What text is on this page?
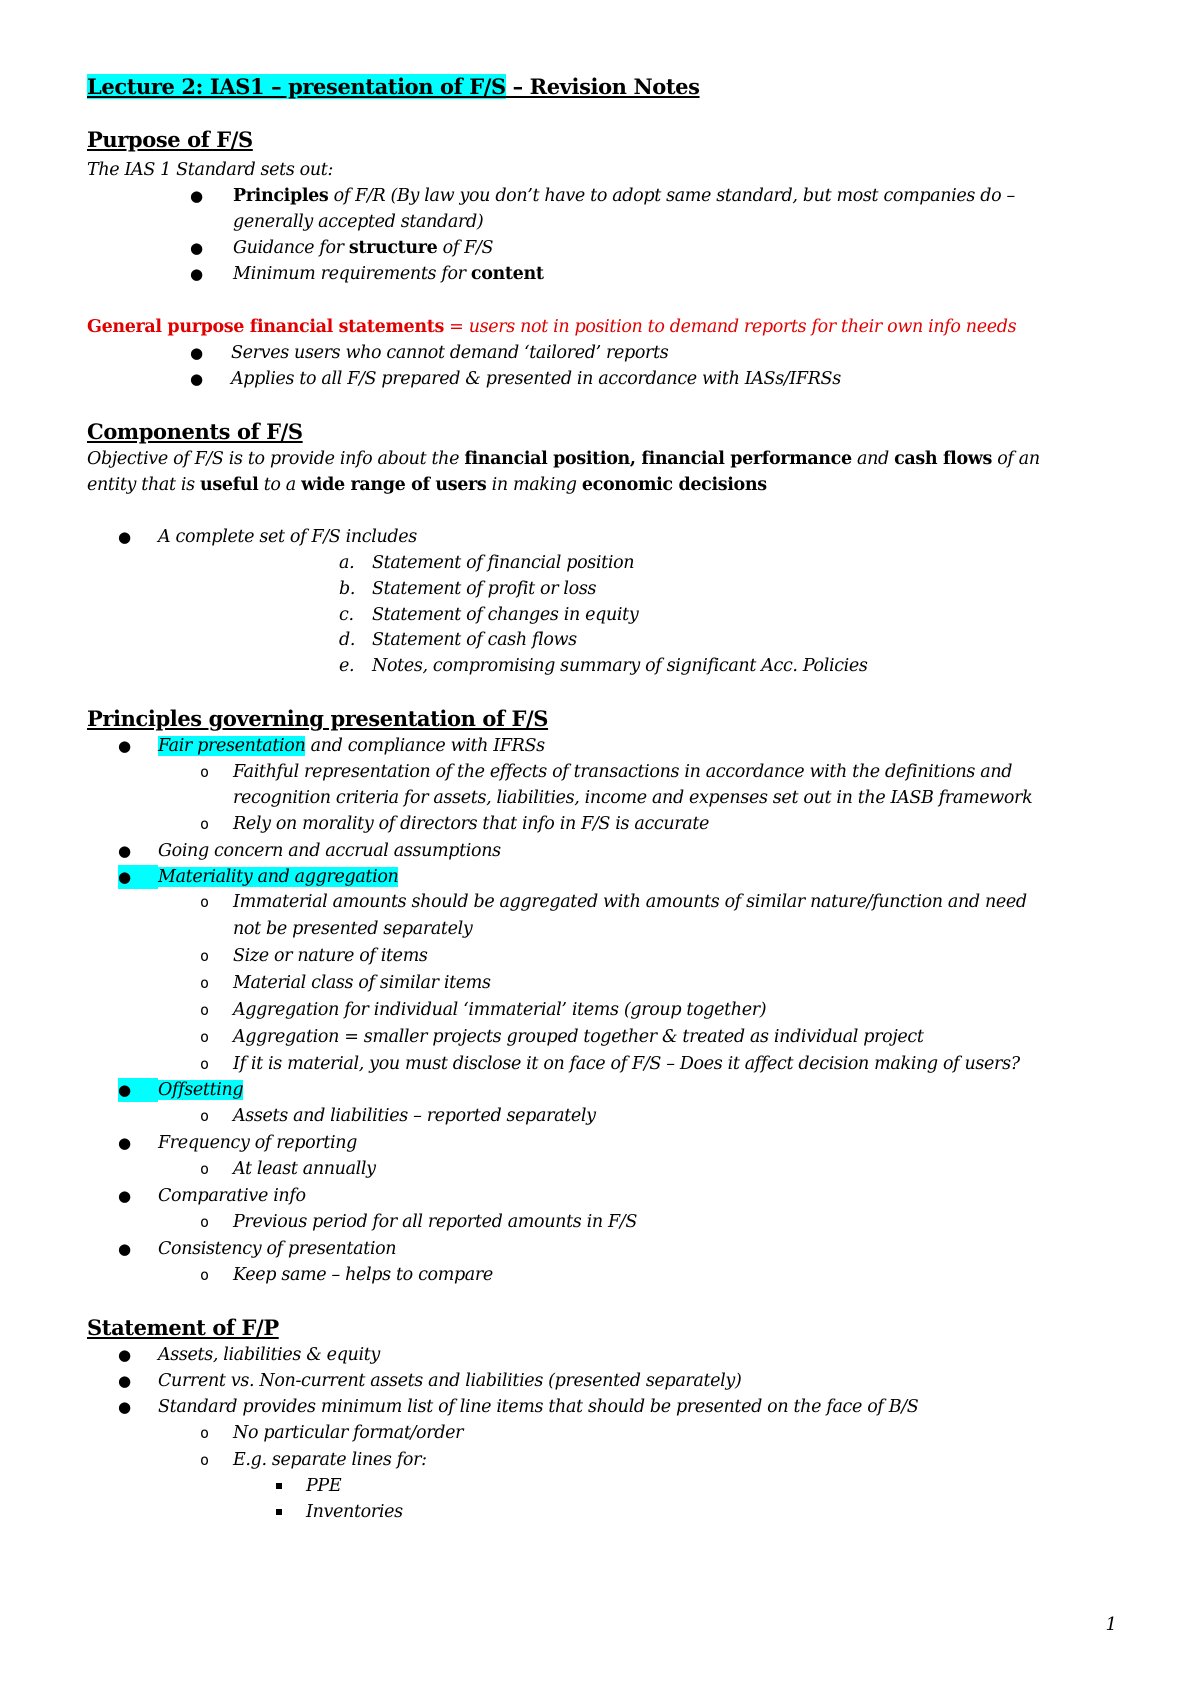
Lecture 2: IAS1 – presentation of F/S – Revision Notes
Purpose of F/S
The IAS 1 Standard sets out:
● Principles of F/R (By law you don’t have to adopt same standard, but most companies do –
generally accepted standard)
● Guidance for structure of F/S
● Minimum requirements for content
General purpose financial statements = users not in position to demand reports for their own info needs
● Serves users who cannot demand ‘tailored’ reports
● Applies to all F/S prepared & presented in accordance with IASs/IFRSs
Components of F/S
Objective of F/S is to provide info about the financial position, financial performance and cash flows of an
entity that is useful to a wide range of users in making economic decisions
● A complete set of F/S includes
a. Statement of financial position
b. Statement of profit or loss
c. Statement of changes in equity
d. Statement of cash flows
e. Notes, compromising summary of significant Acc. Policies
Principles governing presentation of F/S
● Fair presentation and compliance with IFRSs
o Faithful representation of the effects of transactions in accordance with the definitions and
recognition criteria for assets, liabilities, income and expenses set out in the IASB framework
o Rely on morality of directors that info in F/S is accurate
● Going concern and accrual assumptions
●	Materiality and aggregation
o Immaterial amounts should be aggregated with amounts of similar nature/function and need
not be presented separately
o Size or nature of items
o Material class of similar items
o Aggregation for individual ‘immaterial’ items (group together)
o Aggregation = smaller projects grouped together & treated as individual project
o If it is material, you must disclose it on face of F/S – Does it affect decision making of users?
●	Offsetting
o Assets and liabilities – reported separately
● Frequency of reporting
o At least annually
● Comparative info
o Previous period for all reported amounts in F/S
● Consistency of presentation
o Keep same – helps to compare
Statement of F/P
● Assets, liabilities & equity
● Current vs. Non-current assets and liabilities (presented separately)
● Standard provides minimum list of line items that should be presented on the face of B/S
o No particular format/order
o E.g. separate lines for:
PPE
Inventories
1
